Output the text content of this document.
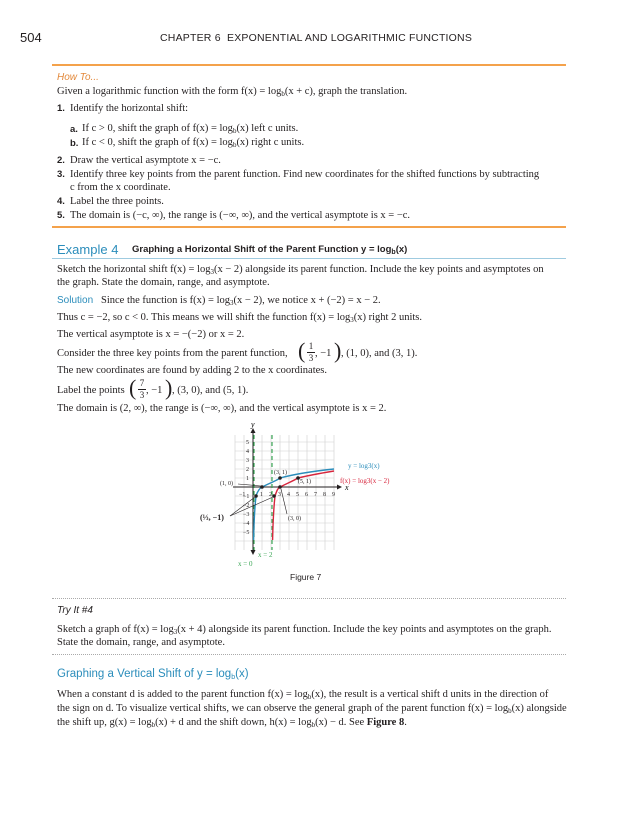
504	CHAPTER 6 EXPONENTIAL AND LOGARITHMIC FUNCTIONS
How To...
Given a logarithmic function with the form $f(x) = \log_b(x + c)$, graph the translation.
1. Identify the horizontal shift:
a. If c > 0, shift the graph of $f(x) = \log_b(x)$ left c units.
b. If c < 0, shift the graph of $f(x) = \log_b(x)$ right c units.
2. Draw the vertical asymptote x = −c.
3. Identify three key points from the parent function. Find new coordinates for the shifted functions by subtracting
c from the x coordinate.
4. Label the three points.
5. The domain is (−c, ∞), the range is (−∞, ∞), and the vertical asymptote is x = −c.
Example 4 Graphing a Horizontal Shift of the Parent Function $y = \log_b(x)$
Sketch the horizontal shift $f(x) = \log_3(x - 2)$ alongside its parent function. Include the key points and asymptotes on
the graph. State the domain, range, and asymptote.
Solution Since the function is $f(x) = \log_3(x - 2)$, we notice x + (−2) = x − 2.
Thus c = −2, so c < 0. This means we will shift the function $f(x) = \log_3(x)$ right 2 units.
The vertical asymptote is x = −(−2) or x = 2.
Consider the three key points from the parent function, ( 1
3 , −1 ) , (1, 0), and (3, 1).
The new coordinates are found by adding 2 to the x coordinates.
Label the points ( 7
3 , −1 ) , (3, 0), and (5, 1).
The domain is (2, ∞), the range is (−∞, ∞), and the vertical asymptote is x = 2.
y
x
−1 1 2 3 4 5 6 7 8 9
5
4
3
2
1
−1
−2
−3
−4
−5
(1, 0)
(3, 1)
(5, 1)
(3, 0)
(⅓, −1)
y = log3(x)
f(x) = log3(x − 2)
x = 2
x = 0
Figure 7
Try It #4
Sketch a graph of $f(x) = \log_3(x + 4)$ alongside its parent function. Include the key points and asymptotes on the graph.
State the domain, range, and asymptote.
Graphing a Vertical Shift of $y = \log_b(x)$
When a constant d is added to the parent function $f(x) = \log_b(x)$, the result is a vertical shift d units in the direction of
the sign on d. To visualize vertical shifts, we can observe the general graph of the parent function $f(x) = \log_b(x)$ alongside
the shift up, $g(x) = \log_b(x) + d$ and the shift down, $h(x) = \log_b(x) - d$. See Figure 8.
